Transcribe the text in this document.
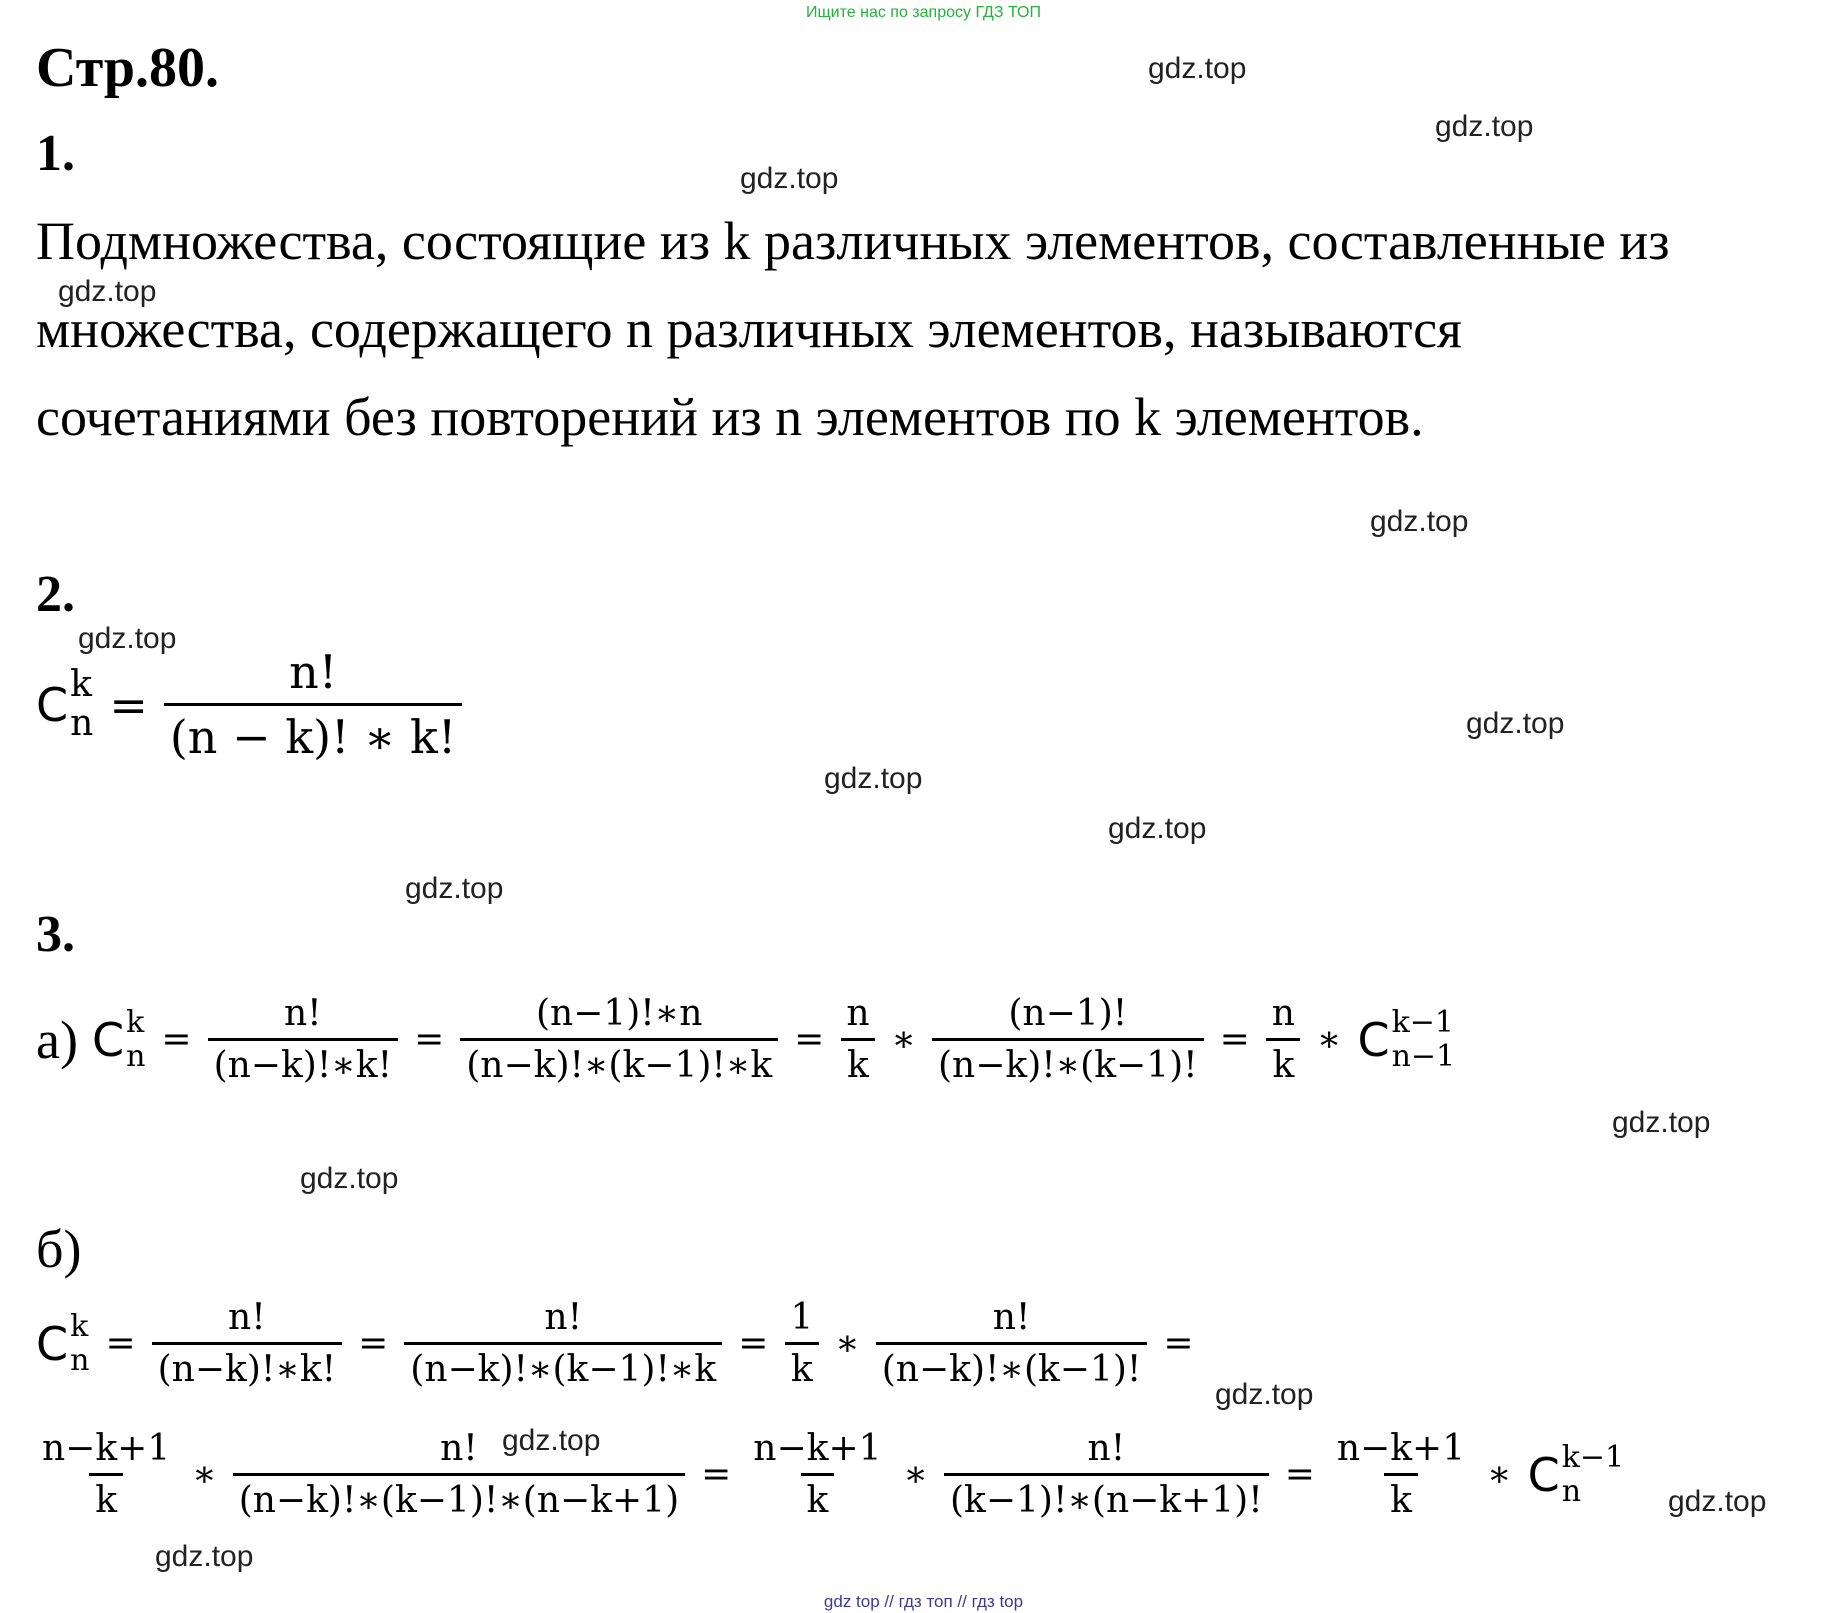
Ищите нас по запросу ГДЗ ТОП
Стр.80.
1.
Подмножества, состоящие из k различных элементов, составленные из
множества, содержащего n различных элементов, называются
сочетаниями без повторений из n элементов по k элементов.
2.
C k
$n = \frac{n!}{(n - k)! ∗ k!}$
3.
а) C k
$n = \frac{n!}{(n-k)!∗k!} = \frac{(n-1)!∗n}{(n-k)!∗(k-1)!∗k} = \frac{n}{k}$ ∗ $\frac{(n-1)!}{(n-k)!∗(k-1)!} = \frac{n}{k}$ ∗ C k−1
n−1
б)
C k
$n = \frac{n!}{(n-k)!∗k!} = \frac{n!}{(n-k)!∗(k-1)!∗k} = \frac{1}{k}$ ∗ $\frac{n!}{(n-k)!∗(k-1)!}$ =
$\frac{n-k+1}{k}$ ∗ $\frac{n!}{(n-k)!∗(k-1)!∗(n-k+1)} = \frac{n-k+1}{k}$ ∗ $\frac{n!}{(k-1)!∗(n-k+1)!} = \frac{n-k+1}{k}$ ∗ C k−1
n
gdz.top
gdz.top
gdz.top
gdz.top
gdz.top
gdz.top
gdz.top
gdz.top
gdz.top
gdz.top
gdz.top
gdz.top
gdz.top
gdz.top
gdz.top
gdz.top
gdz top // гдз топ // гдз top
